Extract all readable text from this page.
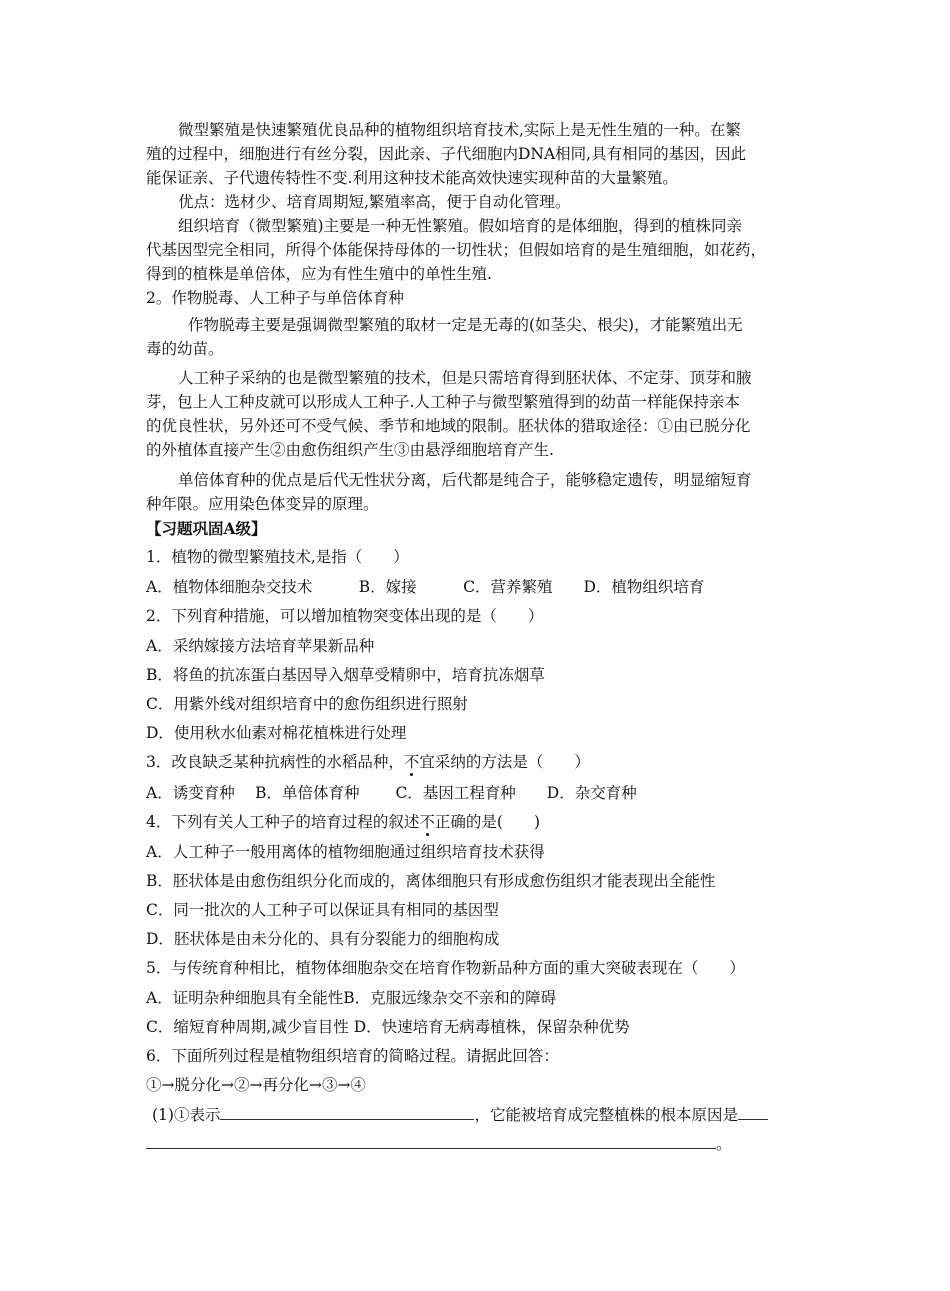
微型繁殖是快速繁殖优良品种的植物组织培育技术,实际上是无性生殖的一种。在繁
殖的过程中，细胞进行有丝分裂，因此亲、子代细胞内DNA相同,具有相同的基因，因此
能保证亲、子代遗传特性不变.利用这种技术能高效快速实现种苗的大量繁殖。
优点：选材少、培育周期短,繁殖率高，便于自动化管理。
组织培育（微型繁殖)主要是一种无性繁殖。假如培育的是体细胞，得到的植株同亲
代基因型完全相同，所得个体能保持母体的一切性状；但假如培育的是生殖细胞，如花药，
得到的植株是单倍体，应为有性生殖中的单性生殖.
2。作物脱毒、人工种子与单倍体育种
作物脱毒主要是强调微型繁殖的取材一定是无毒的(如茎尖、根尖)，才能繁殖出无
毒的幼苗。
人工种子采纳的也是微型繁殖的技术，但是只需培育得到胚状体、不定芽、顶芽和腋
芽，包上人工种皮就可以形成人工种子.人工种子与微型繁殖得到的幼苗一样能保持亲本
的优良性状，另外还可不受气候、季节和地域的限制。胚状体的猎取途径：①由已脱分化
的外植体直接产生②由愈伤组织产生③由悬浮细胞培育产生.
单倍体育种的优点是后代无性状分离，后代都是纯合子，能够稳定遗传，明显缩短育
种年限。应用染色体变异的原理。
【习题巩固A级】
1．植物的微型繁殖技术,是指（　　）
A．植物体细胞杂交技术　　　B．嫁接　　　C．营养繁殖　　D．植物组织培育
2．下列育种措施，可以增加植物突变体出现的是（　　）
A．采纳嫁接方法培育苹果新品种
B．将鱼的抗冻蛋白基因导入烟草受精卵中，培育抗冻烟草
C．用紫外线对组织培育中的愈伤组织进行照射
D．使用秋水仙素对棉花植株进行处理
3．改良缺乏某种抗病性的水稻品种，不宜采纳的方法是（　　）
A．诱变育种　 B．单倍体育种　　 C．基因工程育种　　D．杂交育种
4．下列有关人工种子的培育过程的叙述不正确的是(　　)
A．人工种子一般用离体的植物细胞通过组织培育技术获得
B．胚状体是由愈伤组织分化而成的，离体细胞只有形成愈伤组织才能表现出全能性
C．同一批次的人工种子可以保证具有相同的基因型
D．胚状体是由未分化的、具有分裂能力的细胞构成
5．与传统育种相比，植物体细胞杂交在培育作物新品种方面的重大突破表现在（　　）
A．证明杂种细胞具有全能性B．克服远缘杂交不亲和的障碍
C．缩短育种周期,减少盲目性 D．快速培育无病毒植株，保留杂种优势
6．下面所列过程是植物组织培育的简略过程。请据此回答：
①→脱分化→②→再分化→③→④
(1)①表示	，它能被培育成完整植株的根本原因是
。
